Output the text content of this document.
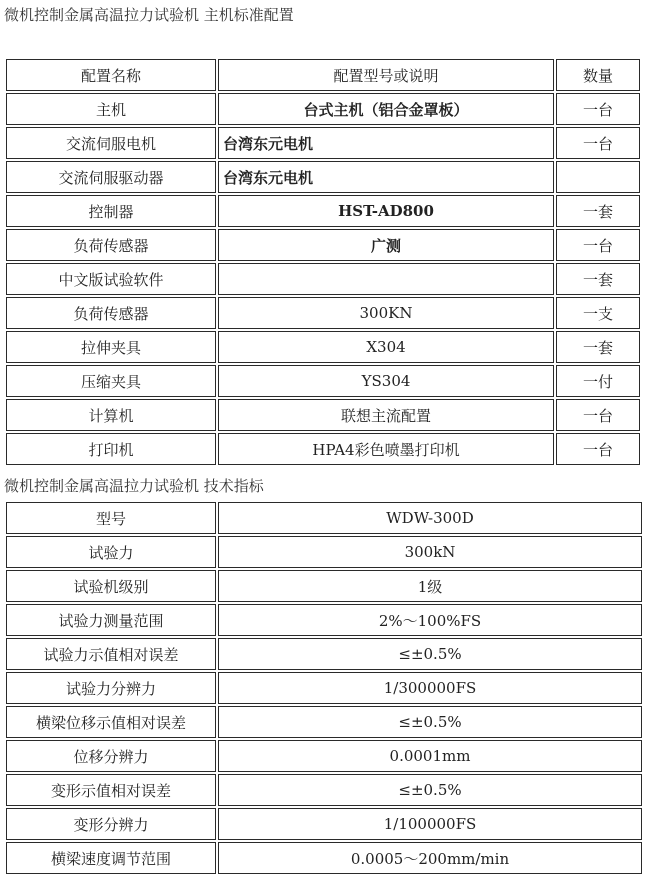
微机控制金属高温拉力试验机 主机标准配置
配置名称	配置型号或说明	数量
主机	台式主机（铝合金罩板）	一台
交流伺服电机	台湾东元电机	一台
交流伺服驱动器	台湾东元电机	
控制器	HST-AD800	一套
负荷传感器	广测	一台
中文版试验软件		一套
负荷传感器	300KN	一支
拉伸夹具	X304	一套
压缩夹具	YS304	一付
计算机	联想主流配置	一台
打印机	HPA4彩色喷墨打印机	一台
微机控制金属高温拉力试验机 技术指标
型号	WDW-300D
试验力	300kN
试验机级别	1级
试验力测量范围	2%～100%FS
试验力示值相对误差	≤±0.5%
试验力分辨力	1/300000FS
横梁位移示值相对误差	≤±0.5%
位移分辨力	0.0001mm
变形示值相对误差	≤±0.5%
变形分辨力	1/100000FS
横梁速度调节范围	0.0005～200mm/min
